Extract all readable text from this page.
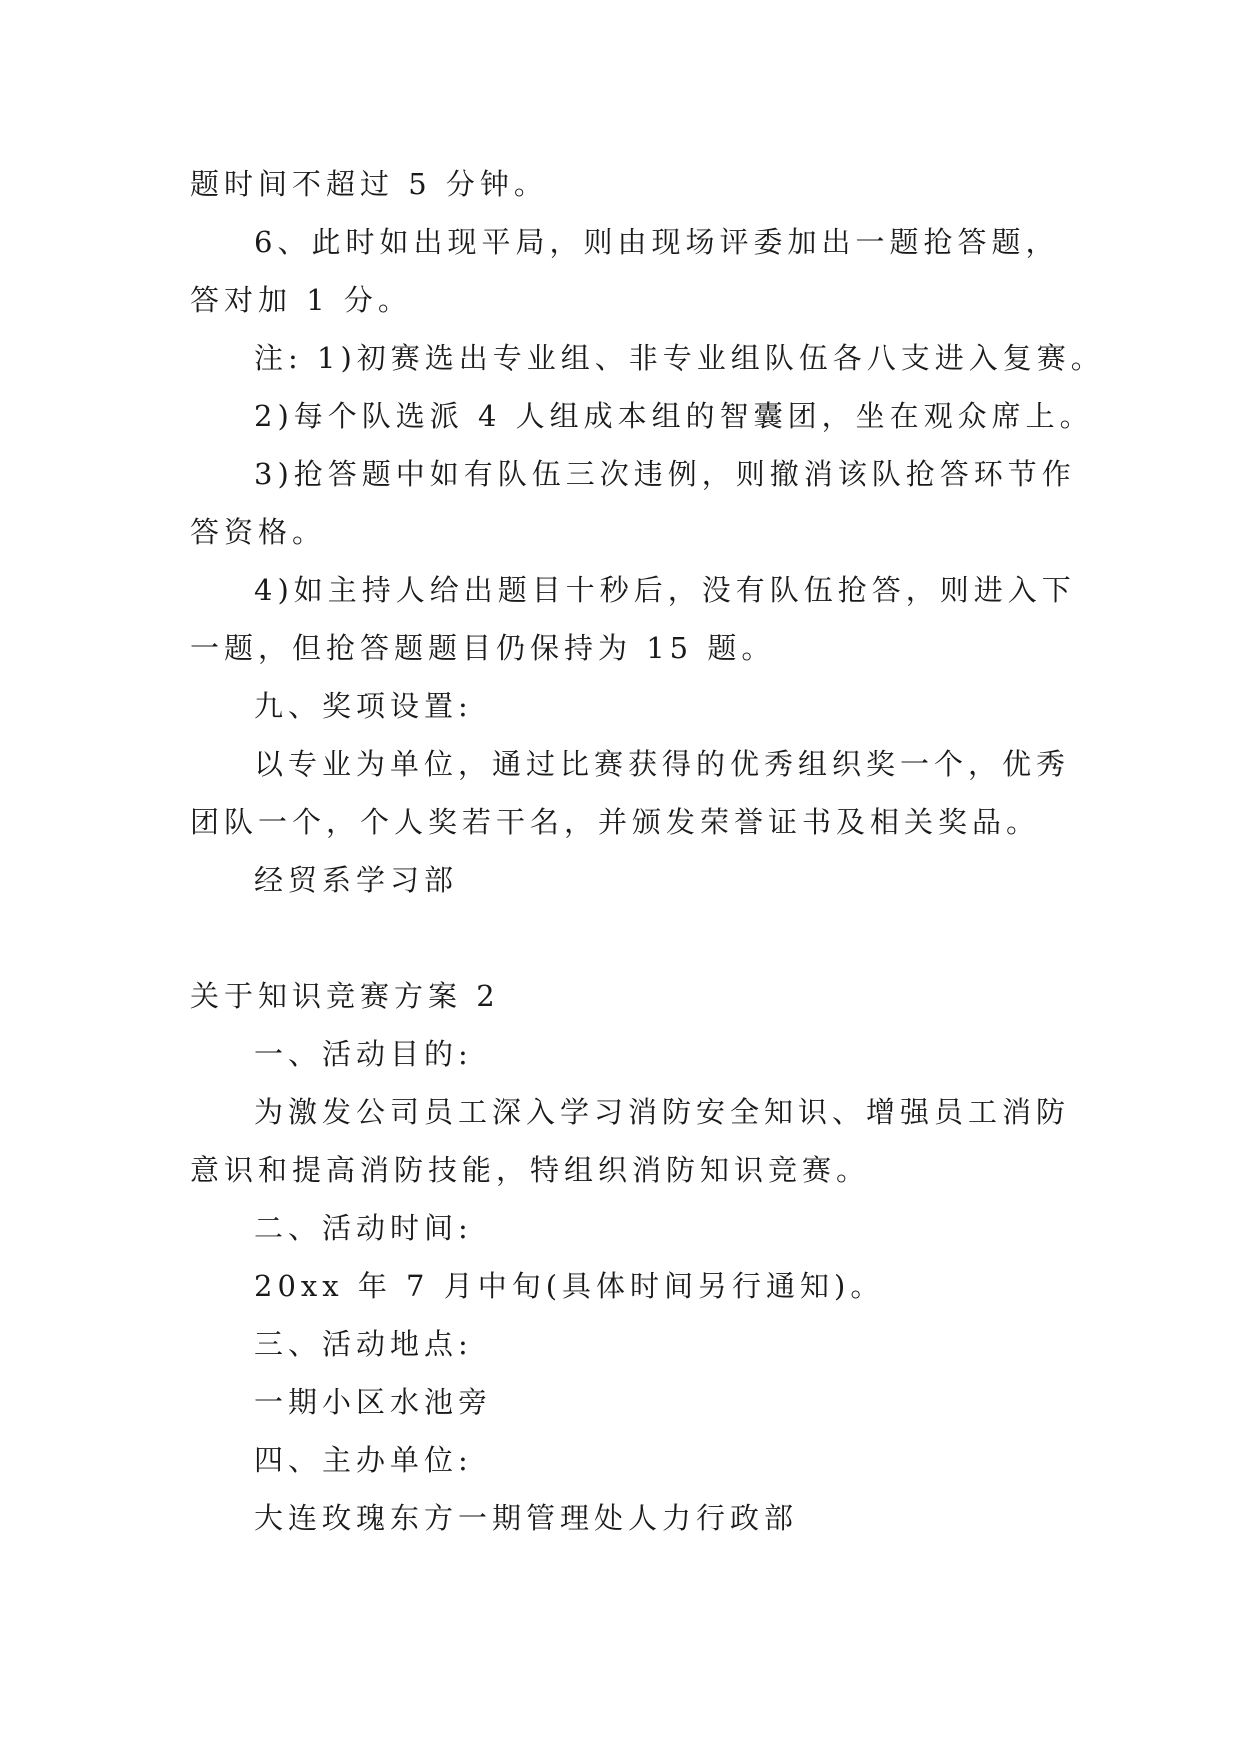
题时间不超过 5 分钟。
6、此时如出现平局，则由现场评委加出一题抢答题，
答对加 1 分。
注: 1)初赛选出专业组、非专业组队伍各八支进入复赛。
2)每个队选派 4 人组成本组的智囊团，坐在观众席上。
3)抢答题中如有队伍三次违例，则撤消该队抢答环节作
答资格。
4)如主持人给出题目十秒后，没有队伍抢答，则进入下
一题，但抢答题题目仍保持为 15 题。
九、奖项设置:
以专业为单位，通过比赛获得的优秀组织奖一个，优秀
团队一个，个人奖若干名，并颁发荣誉证书及相关奖品。
经贸系学习部
关于知识竞赛方案 2
一、活动目的:
为激发公司员工深入学习消防安全知识、增强员工消防
意识和提高消防技能，特组织消防知识竞赛。
二、活动时间:
20xx 年 7 月中旬(具体时间另行通知)。
三、活动地点:
一期小区水池旁
四、主办单位:
大连玫瑰东方一期管理处人力行政部
